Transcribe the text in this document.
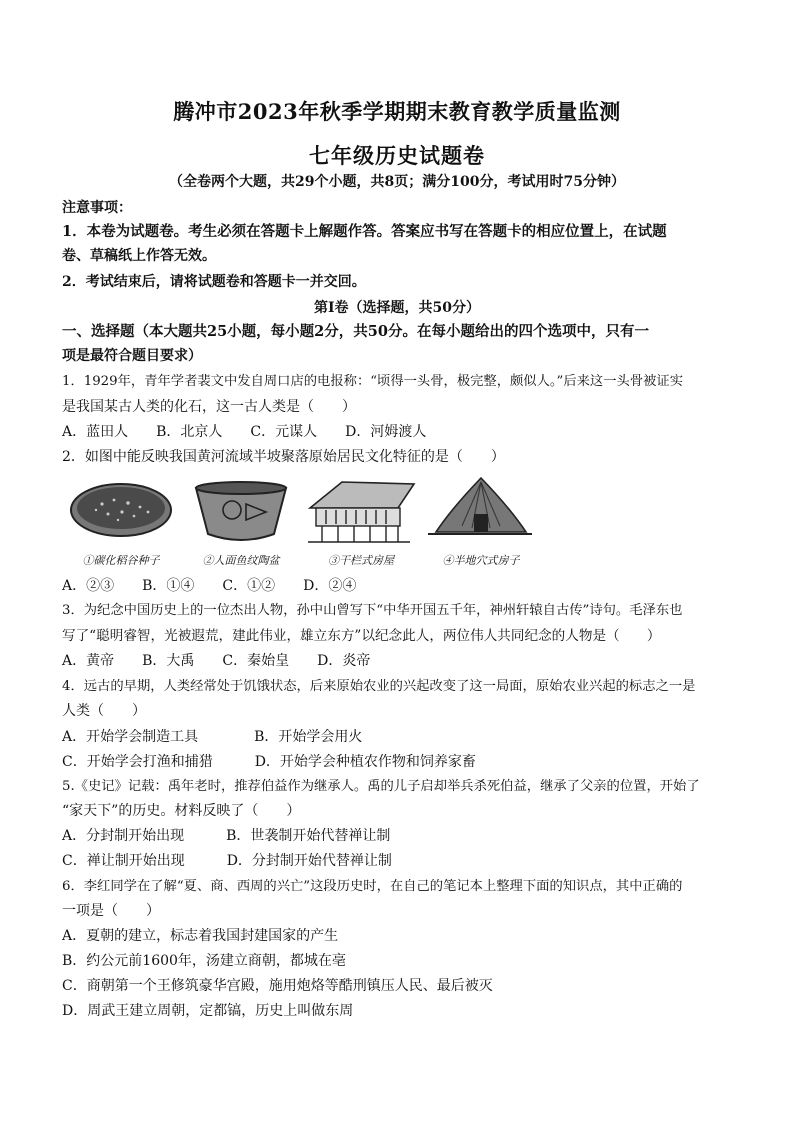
腾冲市2023年秋季学期期末教育教学质量监测
七年级历史试题卷
（全卷两个大题，共29个小题，共8页；满分100分，考试用时75分钟）
注意事项：
1．本卷为试题卷。考生必须在答题卡上解题作答。答案应书写在答题卡的相应位置上，在试题
卷、草稿纸上作答无效。
2．考试结束后，请将试题卷和答题卡一并交回。
第Ⅰ卷（选择题，共50分）
一、选择题（本大题共25小题，每小题2分，共50分。在每小题给出的四个选项中，只有一
项是最符合题目要求）
1．1929年，青年学者裴文中发自周口店的电报称：“顷得一头骨，极完整，颇似人。”后来这一头骨被证实
是我国某古人类的化石，这一古人类是（　　）
A．蓝田人　　B．北京人　　C．元谋人　　D．河姆渡人
2．如图中能反映我国黄河流域半坡聚落原始居民文化特征的是（　　）
①碳化稻谷种子	②人面鱼纹陶盆	③干栏式房屋	④半地穴式房子
A．②③　　B．①④　　C．①②　　D．②④
3．为纪念中国历史上的一位杰出人物，孙中山曾写下“中华开国五千年，神州轩辕自古传”诗句。毛泽东也
写了“聪明睿智，光被遐荒，建此伟业，雄立东方”以纪念此人，两位伟人共同纪念的人物是（　　）
A．黄帝　　B．大禹　　C．秦始皇　　D．炎帝
4．远古的早期，人类经常处于饥饿状态，后来原始农业的兴起改变了这一局面，原始农业兴起的标志之一是
人类（　　）
A．开始学会制造工具　　　　B．开始学会用火
C．开始学会打渔和捕猎　　　D．开始学会种植农作物和饲养家畜
5.《史记》记载：禹年老时，推荐伯益作为继承人。禹的儿子启却举兵杀死伯益，继承了父亲的位置，开始了
“家天下”的历史。材料反映了（　　）
A．分封制开始出现　　　B．世袭制开始代替禅让制
C．禅让制开始出现　　　D．分封制开始代替禅让制
6．李红同学在了解“夏、商、西周的兴亡”这段历史时，在自己的笔记本上整理下面的知识点，其中正确的
一项是（　　）
A．夏朝的建立，标志着我国封建国家的产生
B．约公元前1600年，汤建立商朝，都城在亳
C．商朝第一个王修筑豪华宫殿，施用炮烙等酷刑镇压人民、最后被灭
D．周武王建立周朝，定都镐，历史上叫做东周
